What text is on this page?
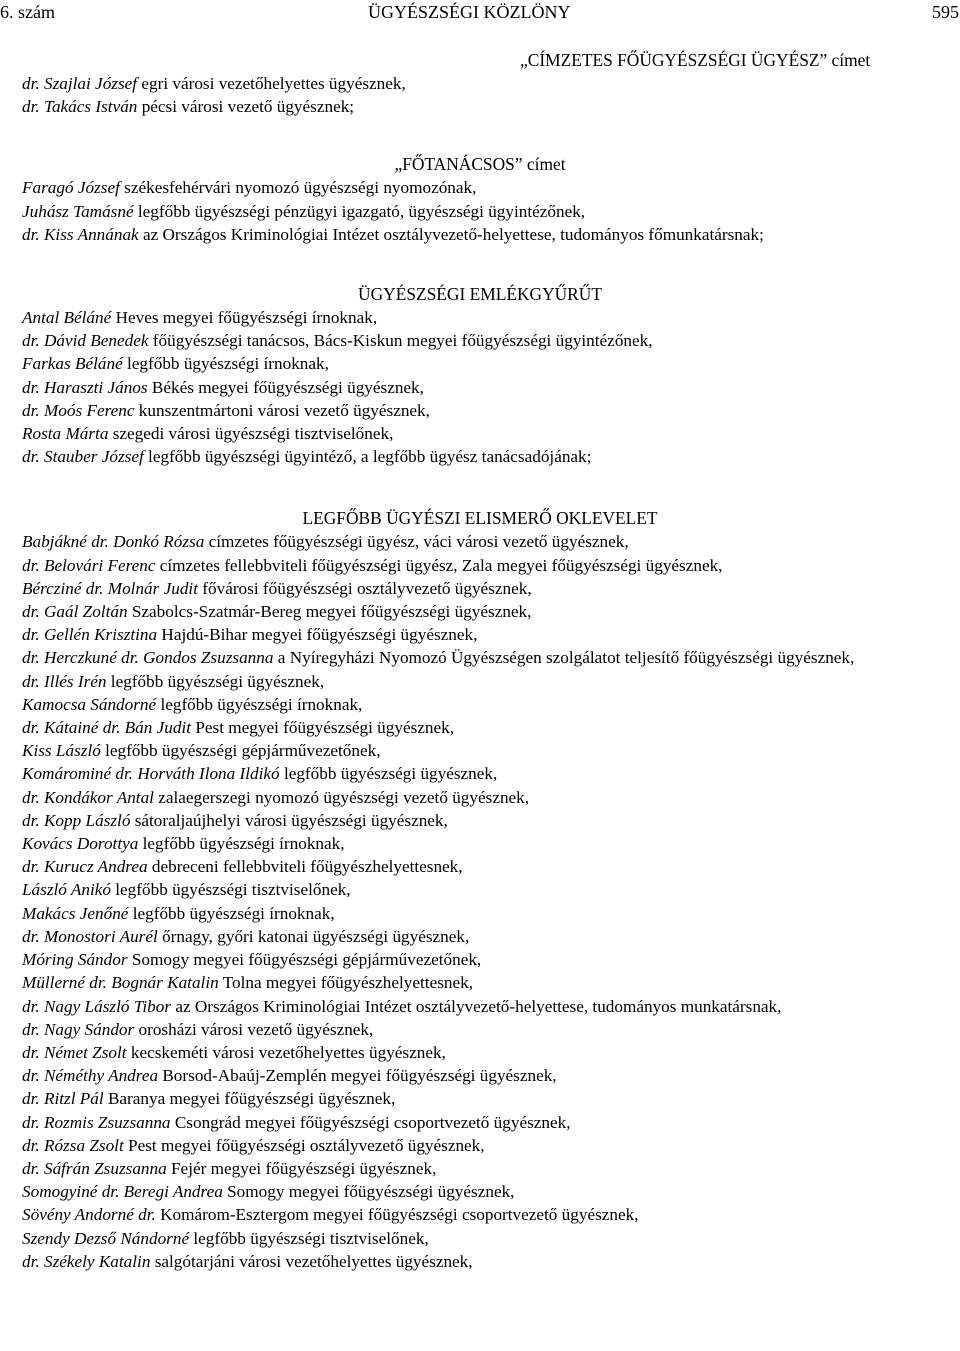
6. szám	ÜGYÉSZSÉGI KÖZLÖNY	595
„CÍMZETES FŐÜGYÉSZSÉGI ÜGYÉSZ” címet
dr. Szajlai József egri városi vezetőhelyettes ügyésznek,
dr. Takács István pécsi városi vezető ügyésznek;
„FŐTANÁCSOS” címet
Faragó József székesfehérvári nyomozó ügyészségi nyomozónak,
Juhász Tamásné legfőbb ügyészségi pénzügyi igazgató, ügyészségi ügyintézőnek,
dr. Kiss Annának az Országos Kriminológiai Intézet osztályvezető-helyettese, tudományos főmunkatársnak;
ÜGYÉSZSÉGI EMLÉKGYŰRŰT
Antal Béláné Heves megyei főügyészségi írnoknak,
dr. Dávid Benedek főügyészségi tanácsos, Bács-Kiskun megyei főügyészségi ügyintézőnek,
Farkas Béláné legfőbb ügyészségi írnoknak,
dr. Haraszti János Békés megyei főügyészségi ügyésznek,
dr. Moós Ferenc kunszentmártoni városi vezető ügyésznek,
Rosta Márta szegedi városi ügyészségi tisztviselőnek,
dr. Stauber József legfőbb ügyészségi ügyintéző, a legfőbb ügyész tanácsadójának;
LEGFŐBB ÜGYÉSZI ELISMERŐ OKLEVELET
Babjákné dr. Donkó Rózsa címzetes főügyészségi ügyész, váci városi vezető ügyésznek,
dr. Belovári Ferenc címzetes fellebbviteli főügyészségi ügyész, Zala megyei főügyészségi ügyésznek,
Bércziné dr. Molnár Judit fővárosi főügyészségi osztályvezető ügyésznek,
dr. Gaál Zoltán Szabolcs-Szatmár-Bereg megyei főügyészségi ügyésznek,
dr. Gellén Krisztina Hajdú-Bihar megyei főügyészségi ügyésznek,
dr. Herczkuné dr. Gondos Zsuzsanna a Nyíregyházi Nyomozó Ügyészségen szolgálatot teljesítő főügyészségi ügyésznek,
dr. Illés Irén legfőbb ügyészségi ügyésznek,
Kamocsa Sándorné legfőbb ügyészségi írnoknak,
dr. Kátainé dr. Bán Judit Pest megyei főügyészségi ügyésznek,
Kiss László legfőbb ügyészségi gépjárművezetőnek,
Komárominé dr. Horváth Ilona Ildikó legfőbb ügyészségi ügyésznek,
dr. Kondákor Antal zalaegerszegi nyomozó ügyészségi vezető ügyésznek,
dr. Kopp László sátoraljaújhelyi városi ügyészségi ügyésznek,
Kovács Dorottya legfőbb ügyészségi írnoknak,
dr. Kurucz Andrea debreceni fellebbviteli főügyészhelyettesnek,
László Anikó legfőbb ügyészségi tisztviselőnek,
Makács Jenőné legfőbb ügyészségi írnoknak,
dr. Monostori Aurél őrnagy, győri katonai ügyészségi ügyésznek,
Móring Sándor Somogy megyei főügyészségi gépjárművezetőnek,
Müllerné dr. Bognár Katalin Tolna megyei főügyészhelyettesnek,
dr. Nagy László Tibor az Országos Kriminológiai Intézet osztályvezető-helyettese, tudományos munkatársnak,
dr. Nagy Sándor orosházi városi vezető ügyésznek,
dr. Német Zsolt kecskeméti városi vezetőhelyettes ügyésznek,
dr. Néméthy Andrea Borsod-Abaúj-Zemplén megyei főügyészségi ügyésznek,
dr. Ritzl Pál Baranya megyei főügyészségi ügyésznek,
dr. Rozmis Zsuzsanna Csongrád megyei főügyészségi csoportvezető ügyésznek,
dr. Rózsa Zsolt Pest megyei főügyészségi osztályvezető ügyésznek,
dr. Sáfrán Zsuzsanna Fejér megyei főügyészségi ügyésznek,
Somogyiné dr. Beregi Andrea Somogy megyei főügyészségi ügyésznek,
Sövény Andorné dr. Komárom-Esztergom megyei főügyészségi csoportvezető ügyésznek,
Szendy Dezső Nándorné legfőbb ügyészségi tisztviselőnek,
dr. Székely Katalin salgótarjáni városi vezetőhelyettes ügyésznek,
